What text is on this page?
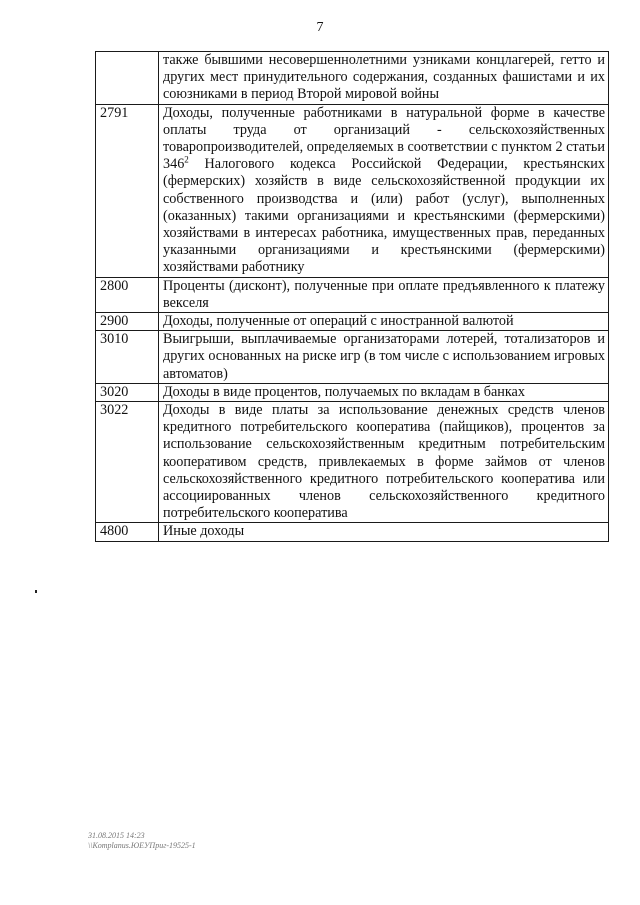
7

	также бывшими несовершеннолетними узниками концлагерей, гетто и других мест принудительного содержания, созданных фашистами и их союзниками в период Второй мировой войны

2791	Доходы, полученные работниками в натуральной форме в качестве оплаты труда от организаций - сельскохозяйственных товаропроизводителей, определяемых в соответствии с пунктом 2 статьи $346^2$ Налогового кодекса Российской Федерации, крестьянских (фермерских) хозяйств в виде сельскохозяйственной продукции их собственного производства и (или) работ (услуг), выполненных (оказанных) такими организациями и крестьянскими (фермерскими) хозяйствами в интересах работника, имущественных прав, переданных указанными организациями и крестьянскими (фермерскими) хозяйствами работнику

2800	Проценты (дисконт), полученные при оплате предъявленного к платежу векселя

2900	Доходы, полученные от операций с иностранной валютой

3010	Выигрыши, выплачиваемые организаторами лотерей, тотализаторов и других основанных на риске игр (в том числе с использованием игровых автоматов)

3020	Доходы в виде процентов, получаемых по вкладам в банках

3022	Доходы в виде платы за использование денежных средств членов кредитного потребительского кооператива (пайщиков), процентов за использование сельскохозяйственным кредитным потребительским кооперативом средств, привлекаемых в форме займов от членов сельскохозяйственного кредитного потребительского кооператива или ассоциированных членов сельскохозяйственного кредитного потребительского кооператива

4800	Иные доходы
31.08.2015 14:23
\\Komplanus.ЮЕУПриг-19525-1
